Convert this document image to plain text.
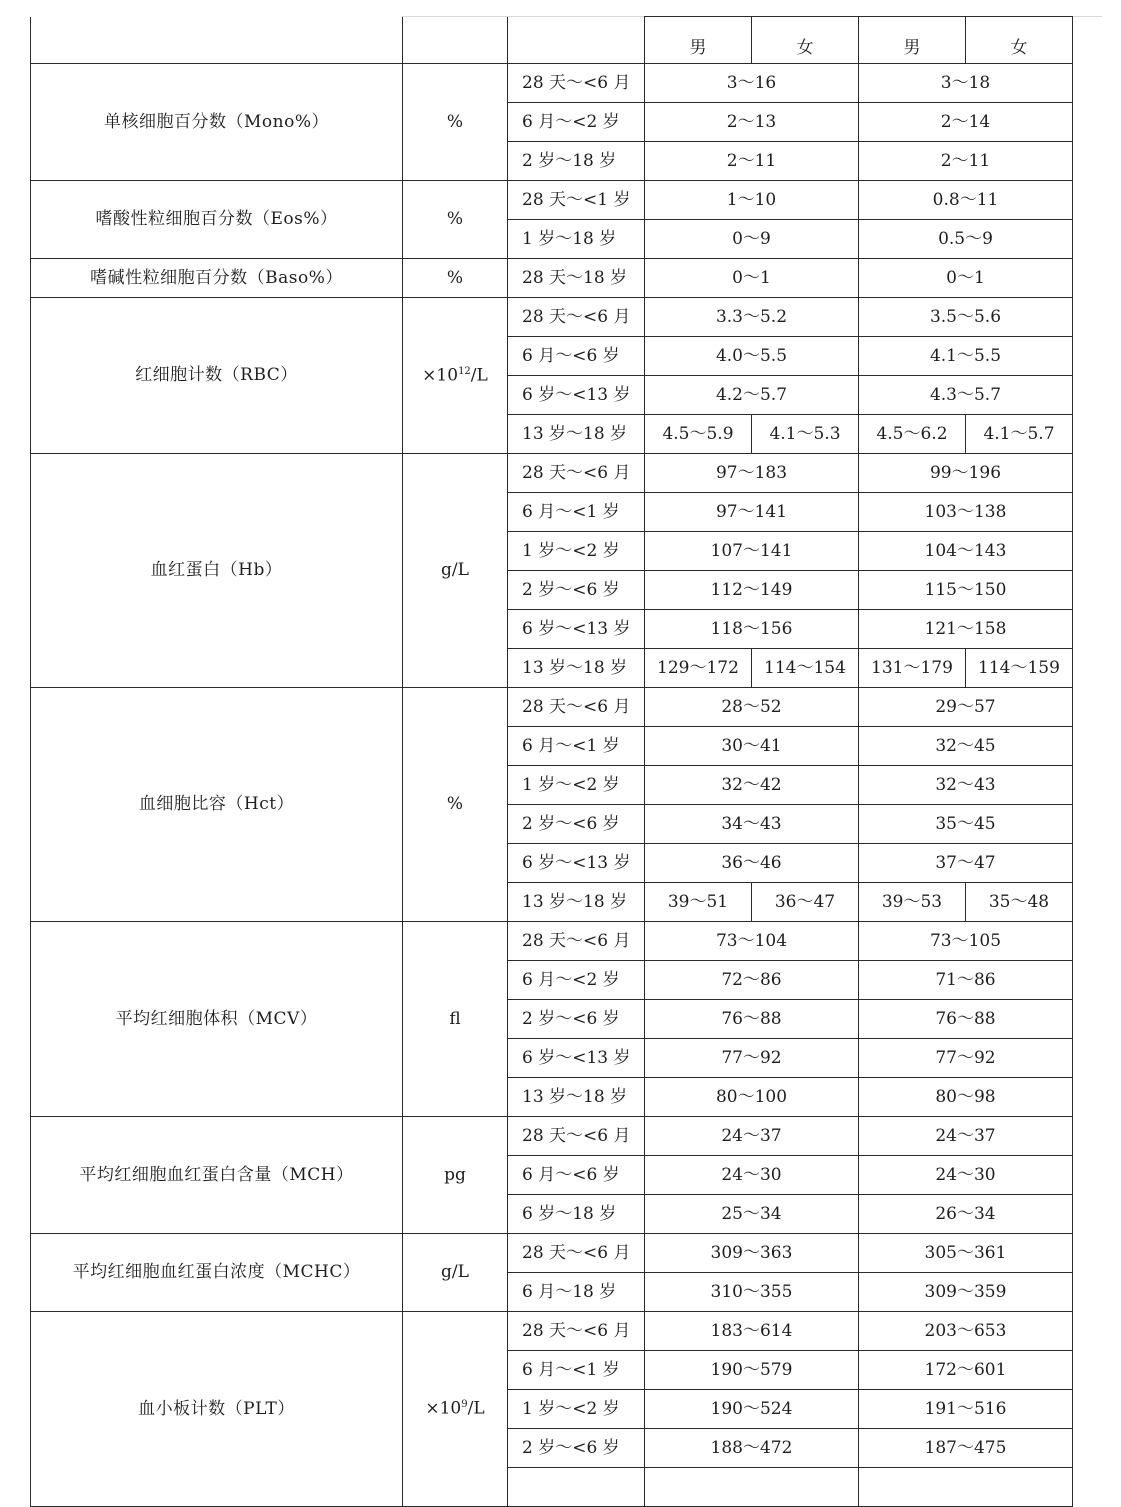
			男	女	男	女
单核细胞百分数（Mono%）	%	28 天～<6 月	3～16		3～18	
		6 月～<2 岁	2～13		2～14	
		2 岁～18 岁	2～11		2～11	
嗜酸性粒细胞百分数（Eos%）	%	28 天～<1 岁	1～10		0.8～11	
		1 岁～18 岁	0～9		0.5～9	
嗜碱性粒细胞百分数（Baso%）	%	28 天～18 岁	0～1		0～1	
红细胞计数（RBC）	$\times 10^{12}/L$	28 天～<6 月	3.3～5.2		3.5～5.6	
		6 月～<6 岁	4.0～5.5		4.1～5.5	
		6 岁～<13 岁	4.2～5.7		4.3～5.7	
		13 岁～18 岁	4.5～5.9	4.1～5.3	4.5～6.2	4.1～5.7
血红蛋白（Hb）	g/L	28 天～<6 月	97～183		99～196	
		6 月～<1 岁	97～141		103～138	
		1 岁～<2 岁	107～141		104～143	
		2 岁～<6 岁	112～149		115～150	
		6 岁～<13 岁	118～156		121～158	
		13 岁～18 岁	129～172	114～154	131～179	114～159
血细胞比容（Hct）	%	28 天～<6 月	28～52		29～57	
		6 月～<1 岁	30～41		32～45	
		1 岁～<2 岁	32～42		32～43	
		2 岁～<6 岁	34～43		35～45	
		6 岁～<13 岁	36～46		37～47	
		13 岁～18 岁	39～51	36～47	39～53	35～48
平均红细胞体积（MCV）	fl	28 天～<6 月	73～104		73～105	
		6 月～<2 岁	72～86		71～86	
		2 岁～<6 岁	76～88		76～88	
		6 岁～<13 岁	77～92		77～92	
		13 岁～18 岁	80～100		80～98	
平均红细胞血红蛋白含量（MCH）	pg	28 天～<6 月	24～37		24～37	
		6 月～<6 岁	24～30		24～30	
		6 岁～18 岁	25～34		26～34	
平均红细胞血红蛋白浓度（MCHC）	g/L	28 天～<6 月	309～363		305～361	
		6 月～18 岁	310～355		309～359	
血小板计数（PLT）	$\times 10^9/L$	28 天～<6 月	183～614		203～653	
		6 月～<1 岁	190～579		172～601	
		1 岁～<2 岁	190～524		191～516	
		2 岁～<6 岁	188～472		187～475	
